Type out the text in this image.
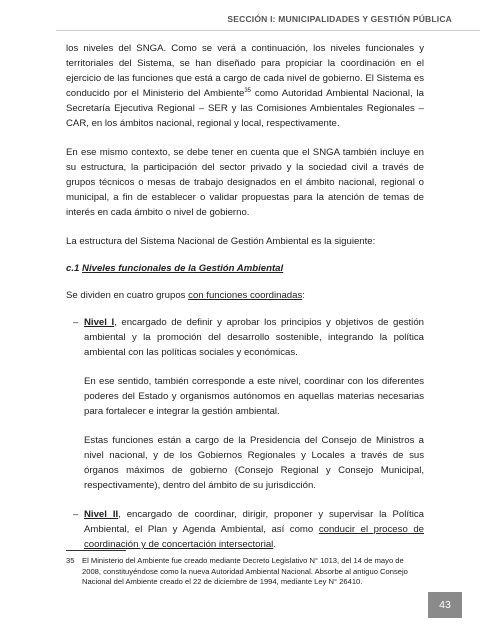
SECCIÓN I: MUNICIPALIDADES Y GESTIÓN PÚBLICA

los niveles del SNGA. Como se verá a continuación, los niveles funcionales y territoriales del Sistema, se han diseñado para propiciar la coordinación en el ejercicio de las funciones que está a cargo de cada nivel de gobierno. El Sistema es conducido por el Ministerio del Ambiente$^{35}$ como Autoridad Ambiental Nacional, la Secretaría Ejecutiva Regional – SER y las Comisiones Ambientales Regionales – CAR, en los ámbitos nacional, regional y local, respectivamente.

En ese mismo contexto, se debe tener en cuenta que el SNGA también incluye en su estructura, la participación del sector privado y la sociedad civil a través de grupos técnicos o mesas de trabajo designados en el ámbito nacional, regional o municipal, a fin de establecer o validar propuestas para la atención de temas de interés en cada ámbito o nivel de gobierno.

La estructura del Sistema Nacional de Gestión Ambiental es la siguiente:

c.1 Niveles funcionales de la Gestión Ambiental

Se dividen en cuatro grupos con funciones coordinadas:

– Nivel I, encargado de definir y aprobar los principios y objetivos de gestión ambiental y la promoción del desarrollo sostenible, integrando la política ambiental con las políticas sociales y económicas.

En ese sentido, también corresponde a este nivel, coordinar con los diferentes poderes del Estado y organismos autónomos en aquellas materias necesarias para fortalecer e integrar la gestión ambiental.

Estas funciones están a cargo de la Presidencia del Consejo de Ministros a nivel nacional, y de los Gobiernos Regionales y Locales a través de sus órganos máximos de gobierno (Consejo Regional y Consejo Municipal, respectivamente), dentro del ámbito de su jurisdicción.

– Nivel II, encargado de coordinar, dirigir, proponer y supervisar la Política Ambiental, el Plan y Agenda Ambiental, así como conducir el proceso de coordinación y de concertación intersectorial.

35 El Ministerio del Ambiente fue creado mediante Decreto Legislativo N° 1013, del 14 de mayo de 2008, constituyéndose como la nueva Autoridad Ambiental Nacional. Absorbe al antiguo Consejo Nacional del Ambiente creado el 22 de diciembre de 1994, mediante Ley N° 26410.
43
